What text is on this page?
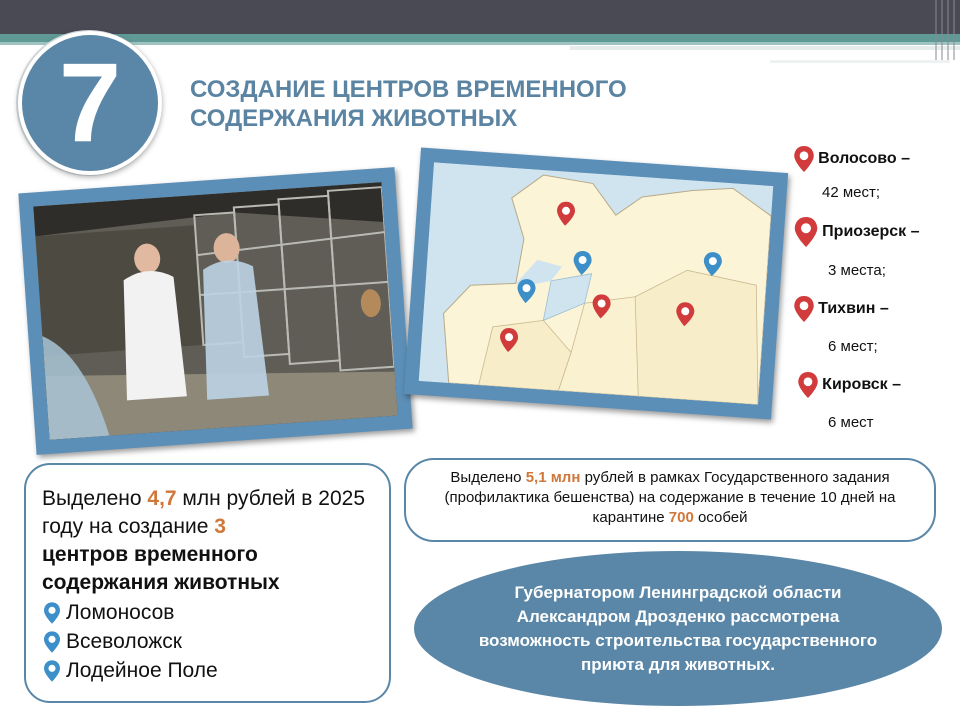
7	СОЗДАНИЕ ЦЕНТРОВ ВРЕМЕННОГО СОДЕРЖАНИЯ ЖИВОТНЫХ
Волосово –
42 мест;
Приозерск –
3 места;
Тихвин –
6 мест;
Кировск –
6 мест
Выделено 4,7 млн рублей в 2025 году на создание 3
центров временного содержания животных
Ломоносов
Всеволожск
Лодейное Поле
Выделено 5,1 млн рублей в рамках Государственного задания (профилактика бешенства) на содержание в течение 10 дней на карантине 700 особей
Губернатором Ленинградской области Александром Дрозденко рассмотрена возможность строительства государственного приюта для животных.
